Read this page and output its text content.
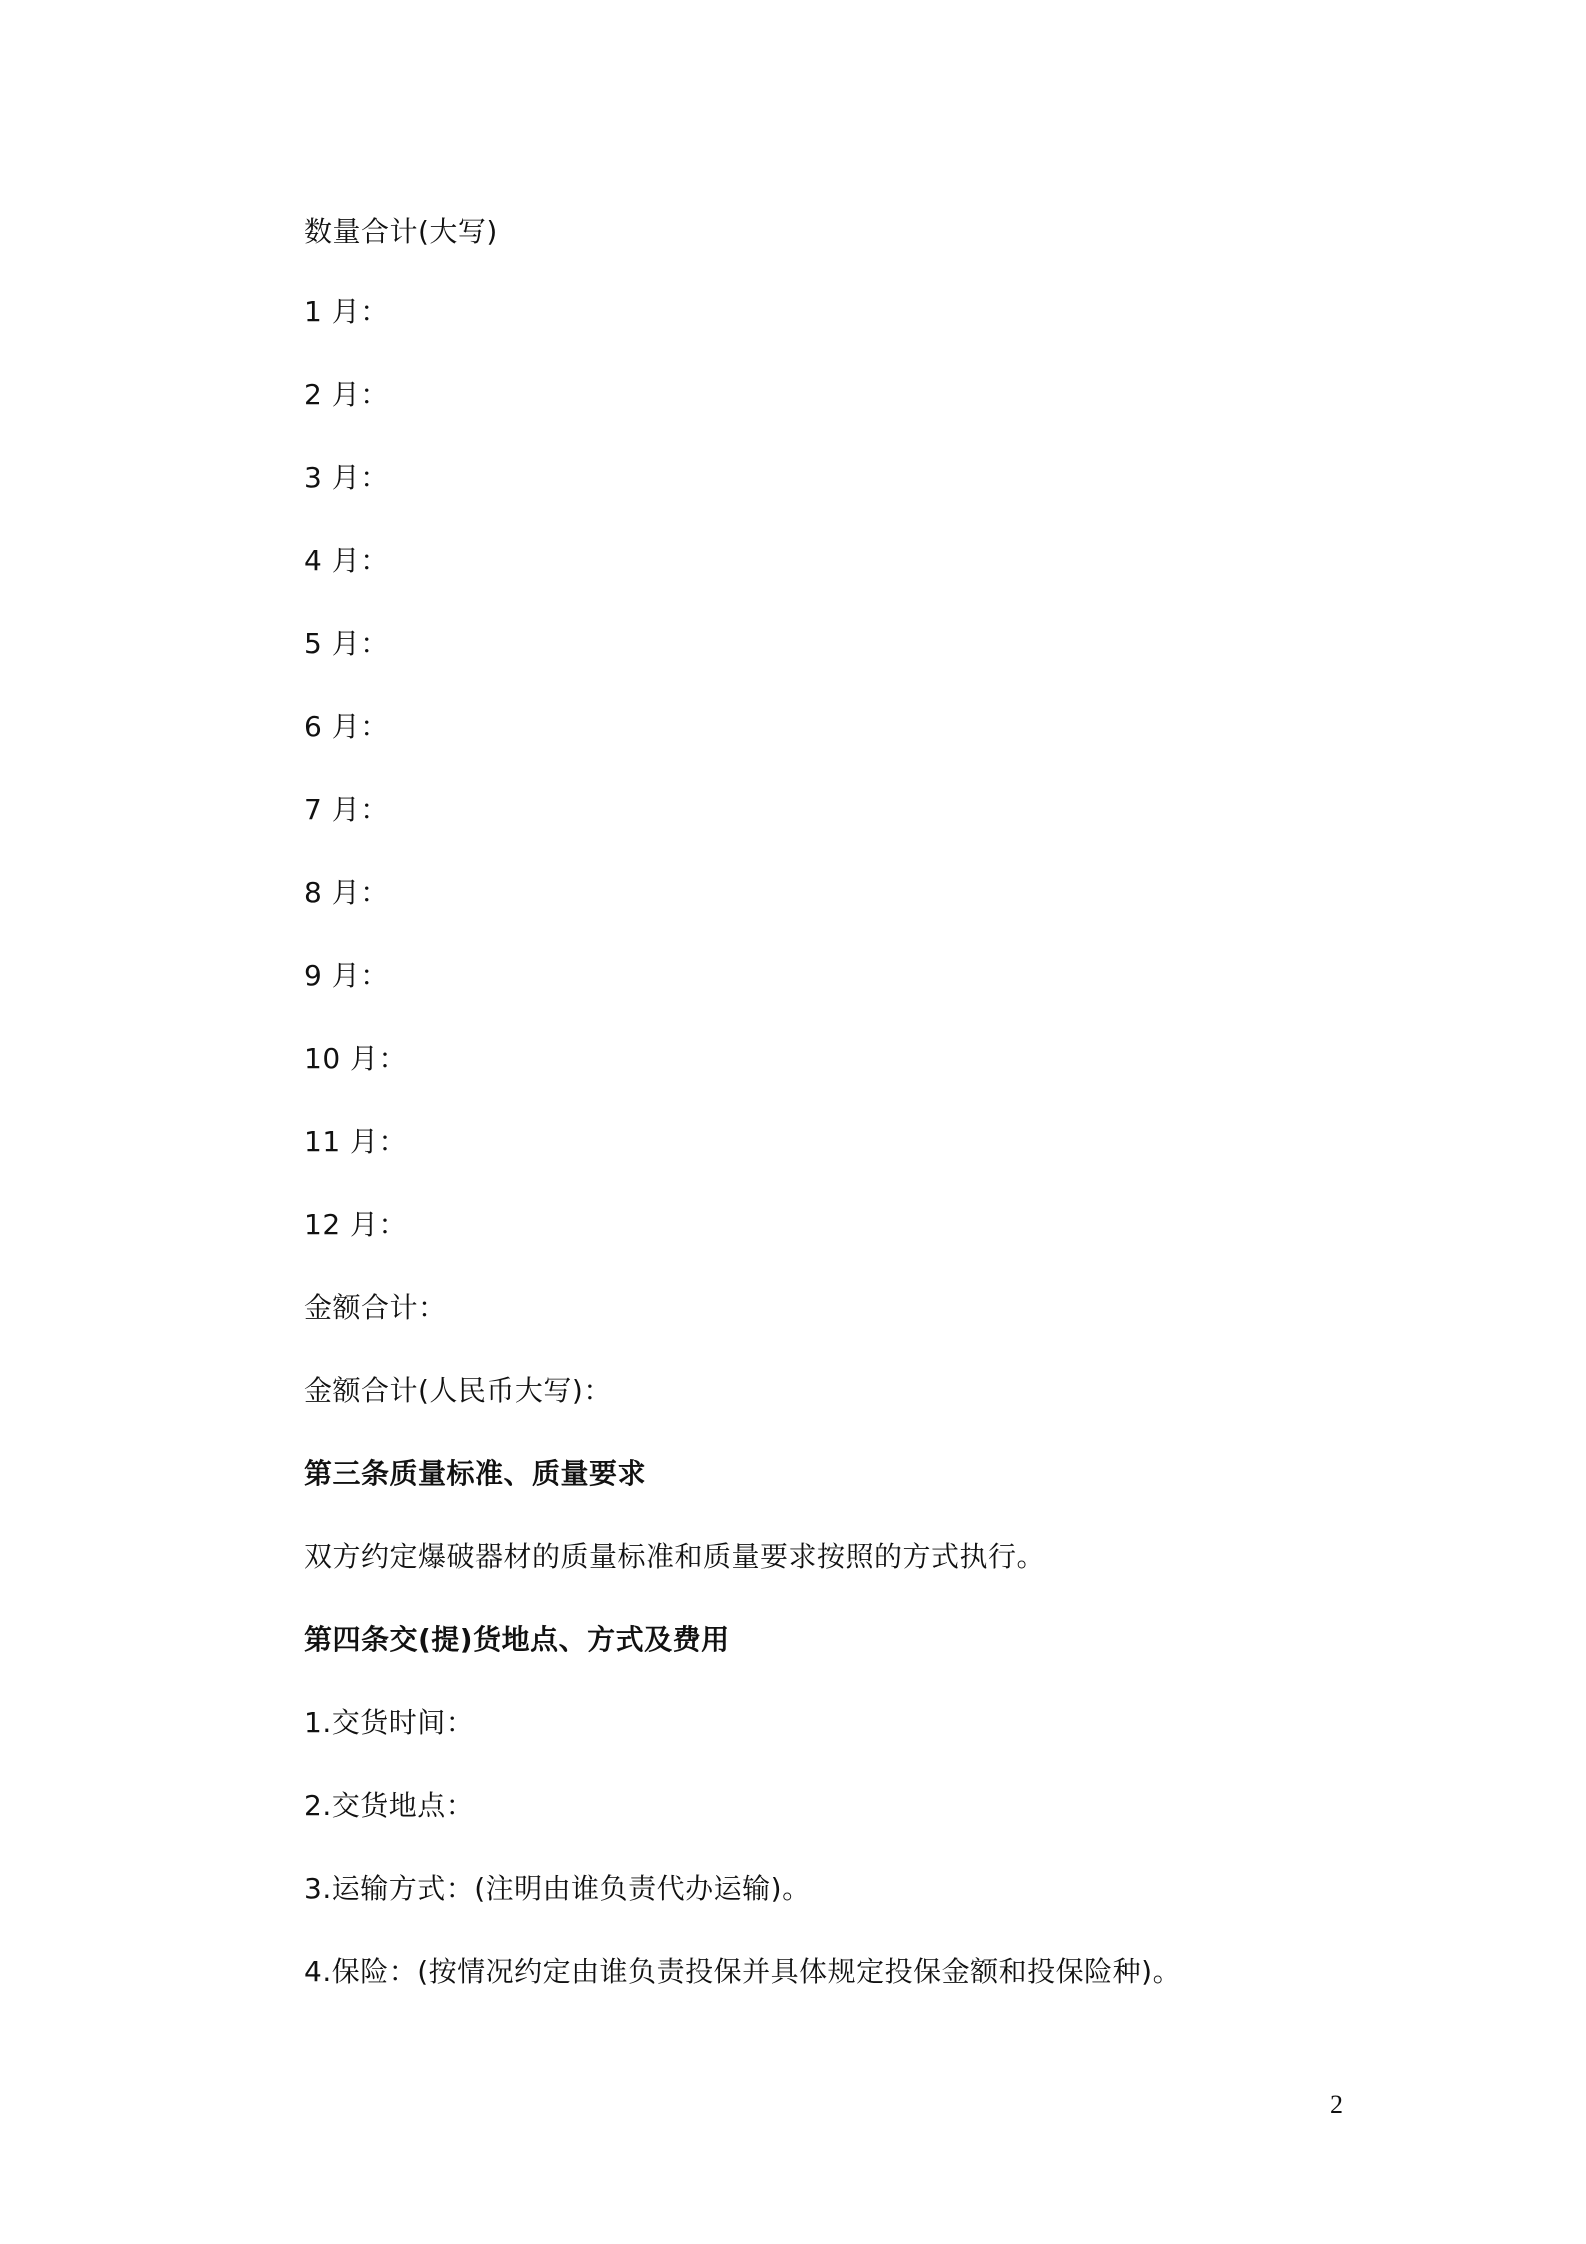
数量合计(大写)
1 月：
2 月：
3 月：
4 月：
5 月：
6 月：
7 月：
8 月：
9 月：
10 月：
11 月：
12 月：
金额合计：
金额合计(人民币大写)：
第三条质量标准、质量要求
双方约定爆破器材的质量标准和质量要求按照的方式执行。
第四条交(提)货地点、方式及费用
1.交货时间：
2.交货地点：
3.运输方式：(注明由谁负责代办运输)。
4.保险：(按情况约定由谁负责投保并具体规定投保金额和投保险种)。
2
